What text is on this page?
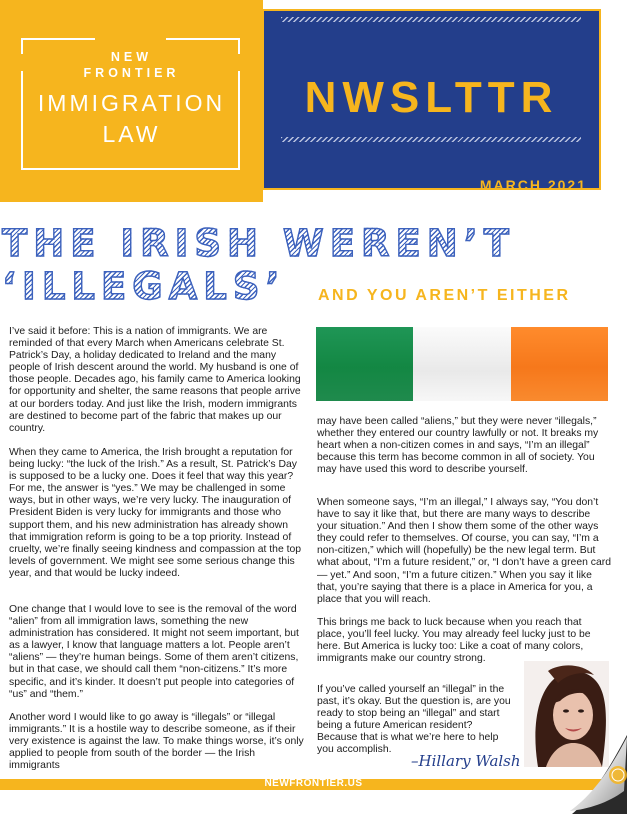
NEW
FRONTIER
IMMIGRATION
LAW
NWSLTTR
MARCH 2021
THE IRISH WEREN’T
‘ILLEGALS’ AND YOU AREN’T EITHER

I’ve said it before: This is a nation of immigrants. We are reminded of that every March when Americans celebrate St. Patrick’s Day, a holiday dedicated to Ireland and the many people of Irish descent around the world. My husband is one of those people. Decades ago, his family came to America looking for opportunity and shelter, the same reasons that people arrive at our borders today. And just like the Irish, modern immigrants are destined to become part of the fabric that makes up our country.

When they came to America, the Irish brought a reputation for being lucky: “the luck of the Irish.” As a result, St. Patrick’s Day is supposed to be a lucky one. Does it feel that way this year? For me, the answer is “yes.” We may be challenged in some ways, but in other ways, we’re very lucky. The inauguration of President Biden is very lucky for immigrants and those who support them, and his new administration has already shown that immigration reform is going to be a top priority. Instead of cruelty, we’re finally seeing kindness and compassion at the top levels of government. We might see some serious change this year, and that would be lucky indeed.

One change that I would love to see is the removal of the word “alien” from all immigration laws, something the new administration has considered. It might not seem important, but as a lawyer, I know that language matters a lot. People aren’t “aliens” — they’re human beings. Some of them aren’t citizens, but in that case, we should call them “non-citizens.” It’s more specific, and it’s kinder. It doesn’t put people into categories of “us” and “them.”

Another word I would like to go away is “illegals” or “illegal immigrants.” It is a hostile way to describe someone, as if their very existence is against the law. To make things worse, it’s only applied to people from south of the border — the Irish immigrants

may have been called “aliens,” but they were never “illegals,” whether they entered our country lawfully or not. It breaks my heart when a non-citizen comes in and says, “I’m an illegal” because this term has become common in all of society. You may have used this word to describe yourself.

When someone says, “I’m an illegal,” I always say, “You don’t have to say it like that, but there are many ways to describe your situation.” And then I show them some of the other ways they could refer to themselves. Of course, you can say, “I’m a non-citizen,” which will (hopefully) be the new legal term. But what about, “I’m a future resident,” or, “I don’t have a green card — yet.” And soon, “I’m a future citizen.” When you say it like that, you’re saying that there is a place in America for you, a place that you will reach.

This brings me back to luck because when you reach that place, you’ll feel lucky. You may already feel lucky just to be here. But America is lucky too: Like a coat of many colors, immigrants make our country strong.

If you’ve called yourself an “illegal” in the past, it’s okay. But the question is, are you ready to stop being an “illegal” and start being a future American resident? Because that is what we’re here to help you accomplish.

–Hillary Walsh
NEWFRONTIER.US
